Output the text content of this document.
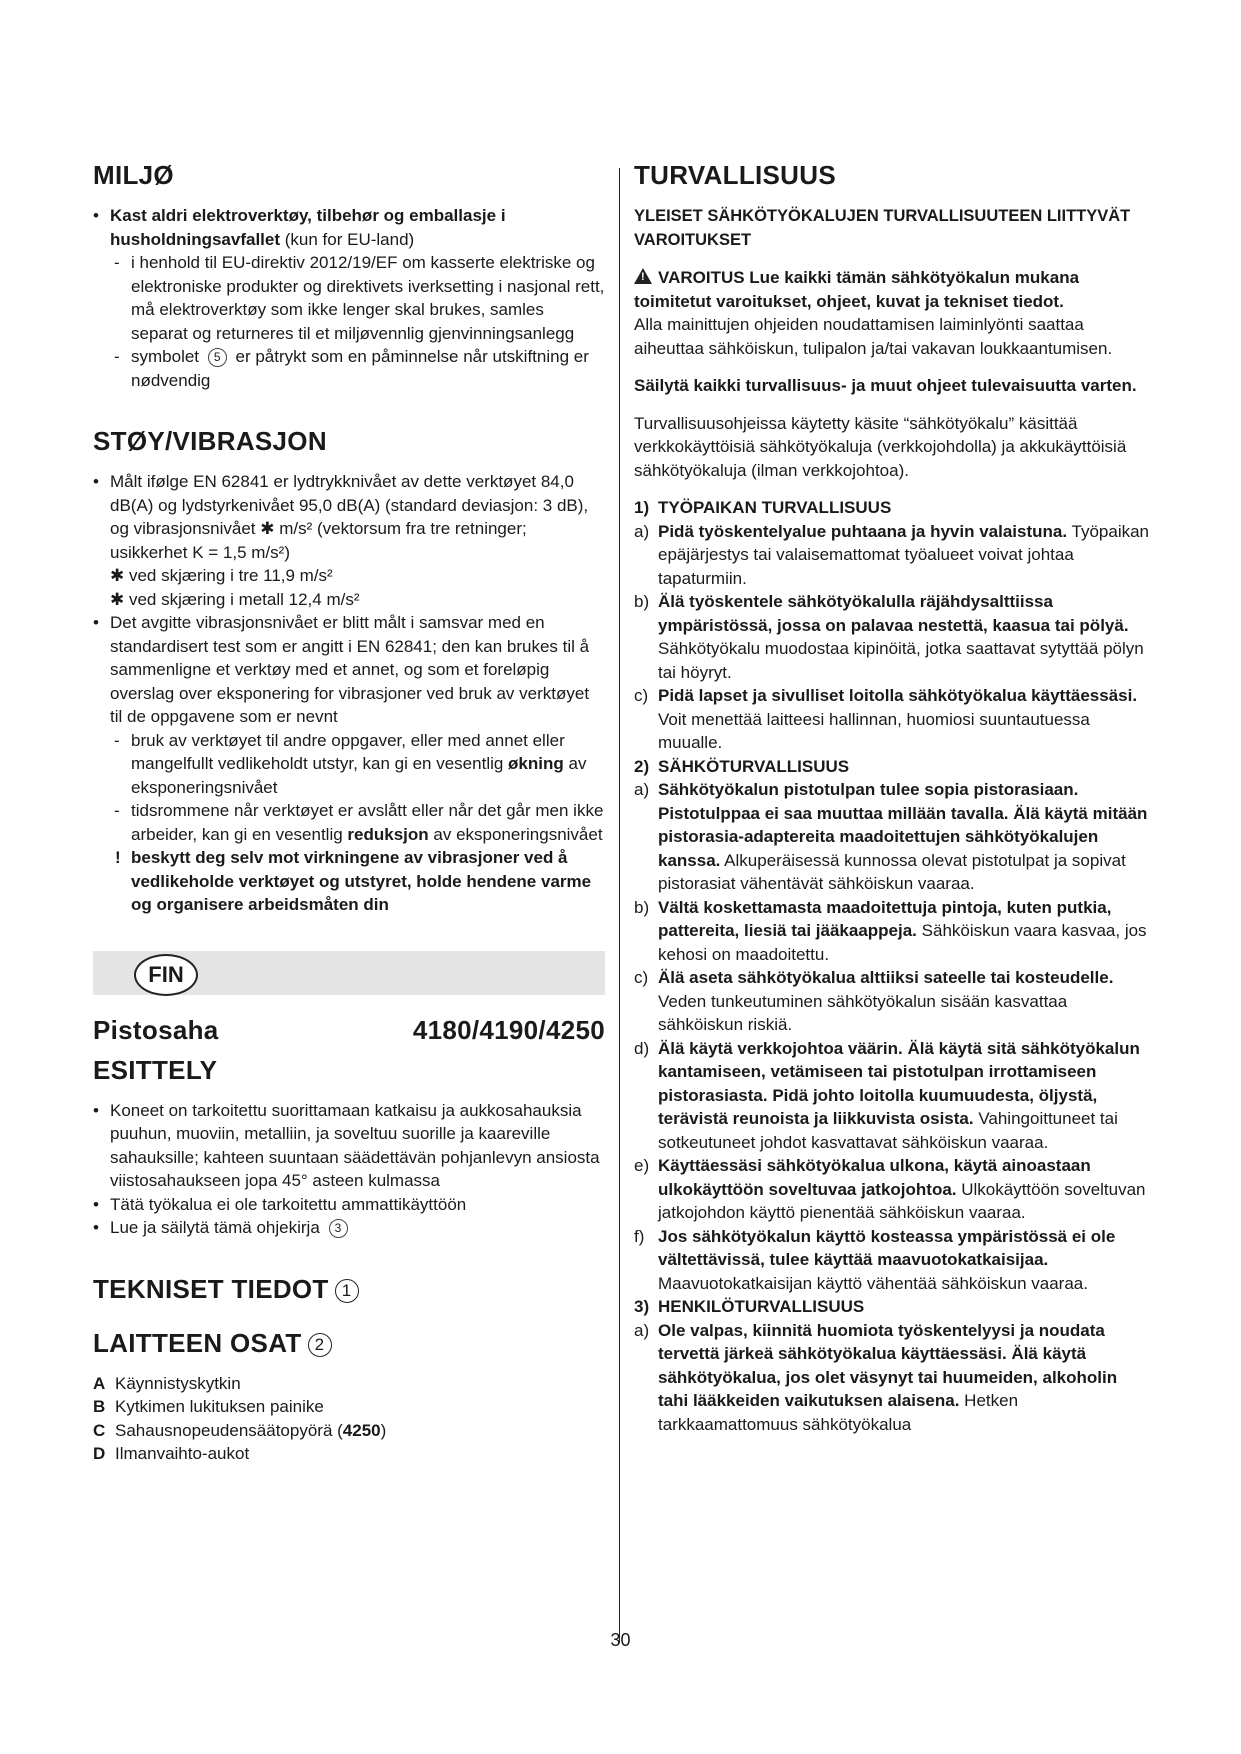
MILJØ
• Kast aldri elektroverktøy, tilbehør og emballasje i husholdningsavfallet (kun for EU-land)
- i henhold til EU-direktiv 2012/19/EF om kasserte elektriske og elektroniske produkter og direktivets iverksetting i nasjonal rett, må elektroverktøy som ikke lenger skal brukes, samles separat og returneres til et miljøvennlig gjenvinningsanlegg
- symbolet 5 er påtrykt som en påminnelse når utskiftning er nødvendig
STØY/VIBRASJON
• Målt ifølge EN 62841 er lydtrykknivået av dette verktøyet 84,0 dB(A) og lydstyrkenivået 95,0 dB(A) (standard deviasjon: 3 dB), og vibrasjonsnivået ✱ m/s² (vektorsum fra tre retninger; usikkerhet K = 1,5 m/s²)
✱ ved skjæring i tre 11,9 m/s²
✱ ved skjæring i metall 12,4 m/s²
• Det avgitte vibrasjonsnivået er blitt målt i samsvar med en standardisert test som er angitt i EN 62841; den kan brukes til å sammenligne et verktøy med et annet, og som et foreløpig overslag over eksponering for vibrasjoner ved bruk av verktøyet til de oppgavene som er nevnt
- bruk av verktøyet til andre oppgaver, eller med annet eller mangelfullt vedlikeholdt utstyr, kan gi en vesentlig økning av eksponeringsnivået
- tidsrommene når verktøyet er avslått eller når det går men ikke arbeider, kan gi en vesentlig reduksjon av eksponeringsnivået
! beskytt deg selv mot virkningene av vibrasjoner ved å vedlikeholde verktøyet og utstyret, holde hendene varme og organisere arbeidsmåten din
FIN
Pistosaha	4180/4190/4250
ESITTELY
• Koneet on tarkoitettu suorittamaan katkaisu ja aukkosahauksia puuhun, muoviin, metalliin, ja soveltuu suorille ja kaareville sahauksille; kahteen suuntaan säädettävän pohjanlevyn ansiosta viistosahaukseen jopa 45° asteen kulmassa
• Tätä työkalua ei ole tarkoitettu ammattikäyttöön
• Lue ja säilytä tämä ohjekirja 3
TEKNISET TIEDOT 1
LAITTEEN OSAT 2
A Käynnistyskytkin
B Kytkimen lukituksen painike
C Sahausnopeudensäätopyörä (4250)
D Ilmanvaihto-aukot
TURVALLISUUS
YLEISET SÄHKÖTYÖKALUJEN TURVALLISUUTEEN LIITTYVÄT VAROITUKSET
!VAROITUS Lue kaikki tämän sähkötyökalun mukana toimitetut varoitukset, ohjeet, kuvat ja tekniset tiedot.
Alla mainittujen ohjeiden noudattamisen laiminlyönti saattaa aiheuttaa sähköiskun, tulipalon ja/tai vakavan loukkaantumisen.
Säilytä kaikki turvallisuus- ja muut ohjeet tulevaisuutta varten.
Turvallisuusohjeissa käytetty käsite “sähkötyökalu” käsittää verkkokäyttöisiä sähkötyökaluja (verkkojohdolla) ja akkukäyttöisiä sähkötyökaluja (ilman verkkojohtoa).
1) TYÖPAIKAN TURVALLISUUS
a) Pidä työskentelyalue puhtaana ja hyvin valaistuna. Työpaikan epäjärjestys tai valaisemattomat työalueet voivat johtaa tapaturmiin.
b) Älä työskentele sähkötyökalulla räjähdysalttiissa ympäristössä, jossa on palavaa nestettä, kaasua tai pölyä. Sähkötyökalu muodostaa kipinöitä, jotka saattavat sytyttää pölyn tai höyryt.
c) Pidä lapset ja sivulliset loitolla sähkötyökalua käyttäessäsi. Voit menettää laitteesi hallinnan, huomiosi suuntautuessa muualle.
2) SÄHKÖTURVALLISUUS
a) Sähkötyökalun pistotulpan tulee sopia pistorasiaan. Pistotulppaa ei saa muuttaa millään tavalla. Älä käytä mitään pistorasia-adaptereita maadoitettujen sähkötyökalujen kanssa. Alkuperäisessä kunnossa olevat pistotulpat ja sopivat pistorasiat vähentävät sähköiskun vaaraa.
b) Vältä koskettamasta maadoitettuja pintoja, kuten putkia, pattereita, liesiä tai jääkaappeja. Sähköiskun vaara kasvaa, jos kehosi on maadoitettu.
c) Älä aseta sähkötyökalua alttiiksi sateelle tai kosteudelle. Veden tunkeutuminen sähkötyökalun sisään kasvattaa sähköiskun riskiä.
d) Älä käytä verkkojohtoa väärin. Älä käytä sitä sähkötyökalun kantamiseen, vetämiseen tai pistotulpan irrottamiseen pistorasiasta. Pidä johto loitolla kuumuudesta, öljystä, terävistä reunoista ja liikkuvista osista. Vahingoittuneet tai sotkeutuneet johdot kasvattavat sähköiskun vaaraa.
e) Käyttäessäsi sähkötyökalua ulkona, käytä ainoastaan ulkokäyttöön soveltuvaa jatkojohtoa. Ulkokäyttöön soveltuvan jatkojohdon käyttö pienentää sähköiskun vaaraa.
f) Jos sähkötyökalun käyttö kosteassa ympäristössä ei ole vältettävissä, tulee käyttää maavuotokatkaisijaa. Maavuotokatkaisijan käyttö vähentää sähköiskun vaaraa.
3) HENKILÖTURVALLISUUS
a) Ole valpas, kiinnitä huomiota työskentelyysi ja noudata tervettä järkeä sähkötyökalua käyttäessäsi. Älä käytä sähkötyökalua, jos olet väsynyt tai huumeiden, alkoholin tahi lääkkeiden vaikutuksen alaisena. Hetken tarkkaamattomuus sähkötyökalua
30
